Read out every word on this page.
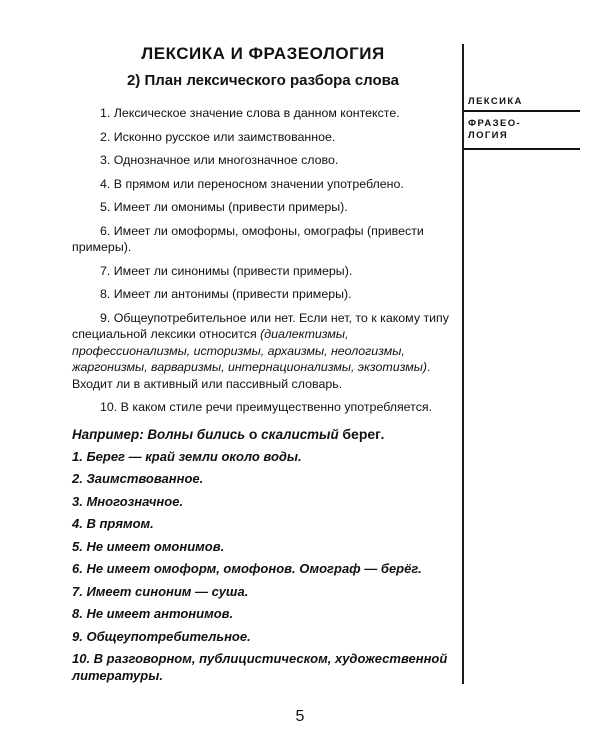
ЛЕКСИКА
ФРАЗЕО-
ЛОГИЯ
ЛЕКСИКА И ФРАЗЕОЛОГИЯ
2) План лексического разбора слова
1. Лексическое значение слова в данном контексте.
2. Исконно русское или заимствованное.
3. Однозначное или многозначное слово.
4. В прямом или переносном значении употреблено.
5. Имеет ли омонимы (привести примеры).
6. Имеет ли омоформы, омофоны, омографы (привести примеры).
7. Имеет ли синонимы (привести примеры).
8. Имеет ли антонимы (привести примеры).
9. Общеупотребительное или нет. Если нет, то к какому типу специальной лексики относится (диалектизмы, профессионализмы, историзмы, архаизмы, неологизмы, жаргонизмы, варваризмы, интернационализмы, экзотизмы). Входит ли в активный или пассивный словарь.
10. В каком стиле речи преимущественно употребляется.
Например: Волны бились о скалистый берег.
1. Берег — край земли около воды.
2. Заимствованное.
3. Многозначное.
4. В прямом.
5. Не имеет омонимов.
6. Не имеет омоформ, омофонов. Омограф — берёг.
7. Имеет синоним — суша.
8. Не имеет антонимов.
9. Общеупотребительное.
10. В разговорном, публицистическом, художественной литературы.
5
